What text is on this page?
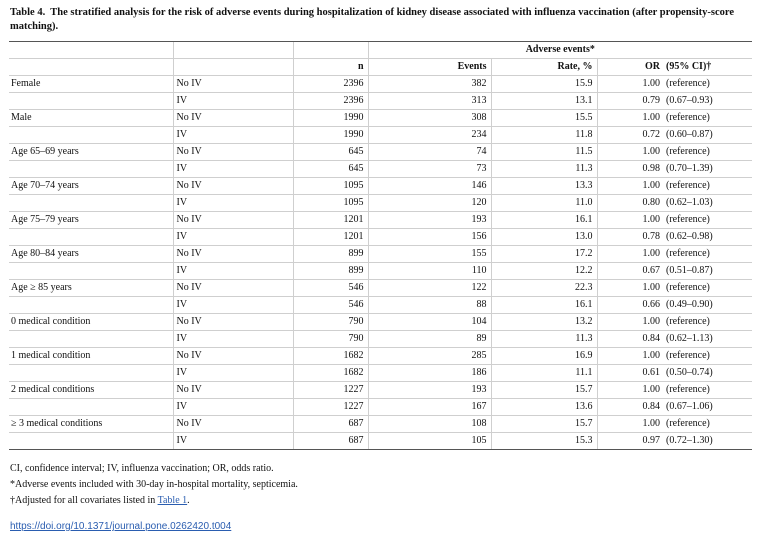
Table 4. The stratified analysis for the risk of adverse events during hospitalization of kidney disease associated with influenza vaccination (after propensity-score matching).
			Adverse events*			
		n	Events	Rate, %	OR	(95% CI)†
Female	No IV	2396	382	15.9	1.00	(reference)
	IV	2396	313	13.1	0.79	(0.67–0.93)
Male	No IV	1990	308	15.5	1.00	(reference)
	IV	1990	234	11.8	0.72	(0.60–0.87)
Age 65–69 years	No IV	645	74	11.5	1.00	(reference)
	IV	645	73	11.3	0.98	(0.70–1.39)
Age 70–74 years	No IV	1095	146	13.3	1.00	(reference)
	IV	1095	120	11.0	0.80	(0.62–1.03)
Age 75–79 years	No IV	1201	193	16.1	1.00	(reference)
	IV	1201	156	13.0	0.78	(0.62–0.98)
Age 80–84 years	No IV	899	155	17.2	1.00	(reference)
	IV	899	110	12.2	0.67	(0.51–0.87)
Age ≥ 85 years	No IV	546	122	22.3	1.00	(reference)
	IV	546	88	16.1	0.66	(0.49–0.90)
0 medical condition	No IV	790	104	13.2	1.00	(reference)
	IV	790	89	11.3	0.84	(0.62–1.13)
1 medical condition	No IV	1682	285	16.9	1.00	(reference)
	IV	1682	186	11.1	0.61	(0.50–0.74)
2 medical conditions	No IV	1227	193	15.7	1.00	(reference)
	IV	1227	167	13.6	0.84	(0.67–1.06)
≥ 3 medical conditions	No IV	687	108	15.7	1.00	(reference)
	IV	687	105	15.3	0.97	(0.72–1.30)
CI, confidence interval; IV, influenza vaccination; OR, odds ratio.
*Adverse events included with 30-day in-hospital mortality, septicemia.
†Adjusted for all covariates listed in Table 1.
https://doi.org/10.1371/journal.pone.0262420.t004
